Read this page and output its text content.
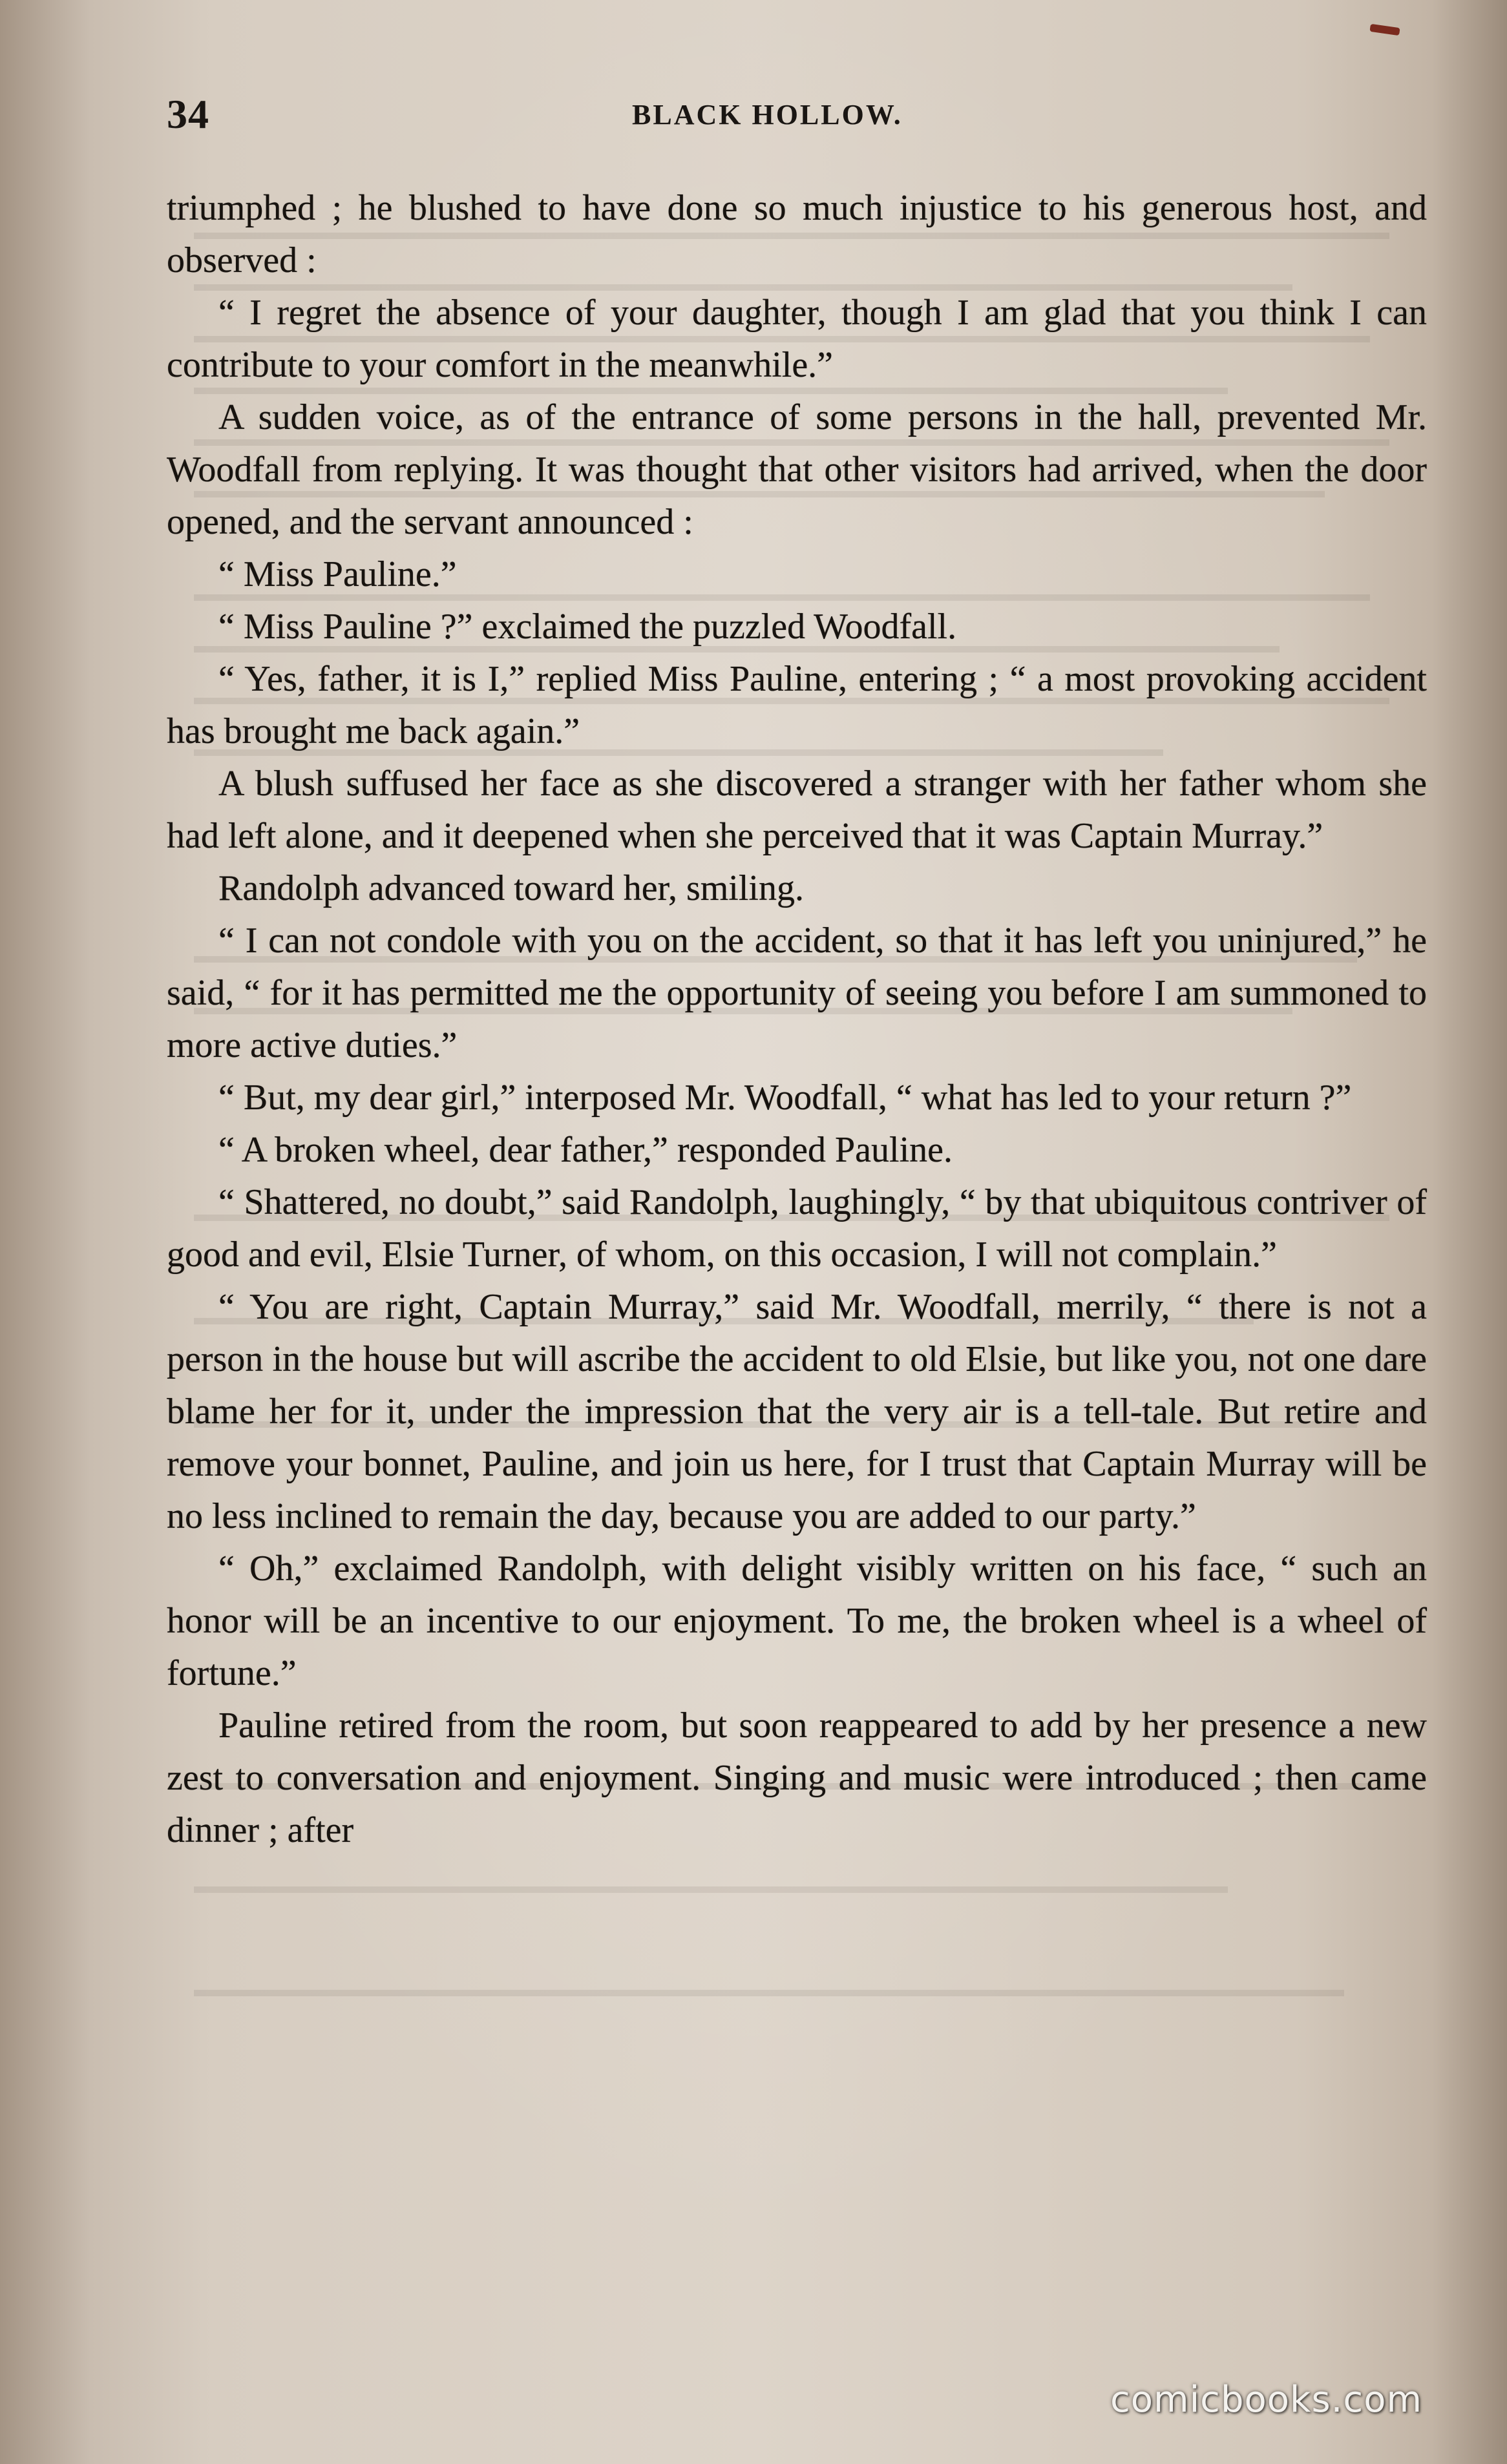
34	BLACK HOLLOW.

triumphed ; he blushed to have done so much injustice to his generous host, and observed :

“ I regret the absence of your daughter, though I am glad that you think I can contribute to your comfort in the meanwhile.”

A sudden voice, as of the entrance of some persons in the hall, prevented Mr. Woodfall from replying. It was thought that other visitors had arrived, when the door opened, and the servant announced :

“ Miss Pauline.”

“ Miss Pauline ?” exclaimed the puzzled Woodfall.

“ Yes, father, it is I,” replied Miss Pauline, entering ; “ a most provoking accident has brought me back again.”

A blush suffused her face as she discovered a stranger with her father whom she had left alone, and it deepened when she perceived that it was Captain Murray.”

Randolph advanced toward her, smiling.

“ I can not condole with you on the accident, so that it has left you uninjured,” he said, “ for it has permitted me the opportunity of seeing you before I am summoned to more active duties.”

“ But, my dear girl,” interposed Mr. Woodfall, “ what has led to your return ?”

“ A broken wheel, dear father,” responded Pauline.

“ Shattered, no doubt,” said Randolph, laughingly, “ by that ubiquitous contriver of good and evil, Elsie Turner, of whom, on this occasion, I will not complain.”

“ You are right, Captain Murray,” said Mr. Woodfall, merrily, “ there is not a person in the house but will ascribe the accident to old Elsie, but like you, not one dare blame her for it, under the impression that the very air is a tell-tale. But retire and remove your bonnet, Pauline, and join us here, for I trust that Captain Murray will be no less inclined to remain the day, because you are added to our party.”

“ Oh,” exclaimed Randolph, with delight visibly written on his face, “ such an honor will be an incentive to our enjoyment. To me, the broken wheel is a wheel of fortune.”

Pauline retired from the room, but soon reappeared to add by her presence a new zest to conversation and enjoyment. Singing and music were introduced ; then came dinner ; after

comicbooks.com
